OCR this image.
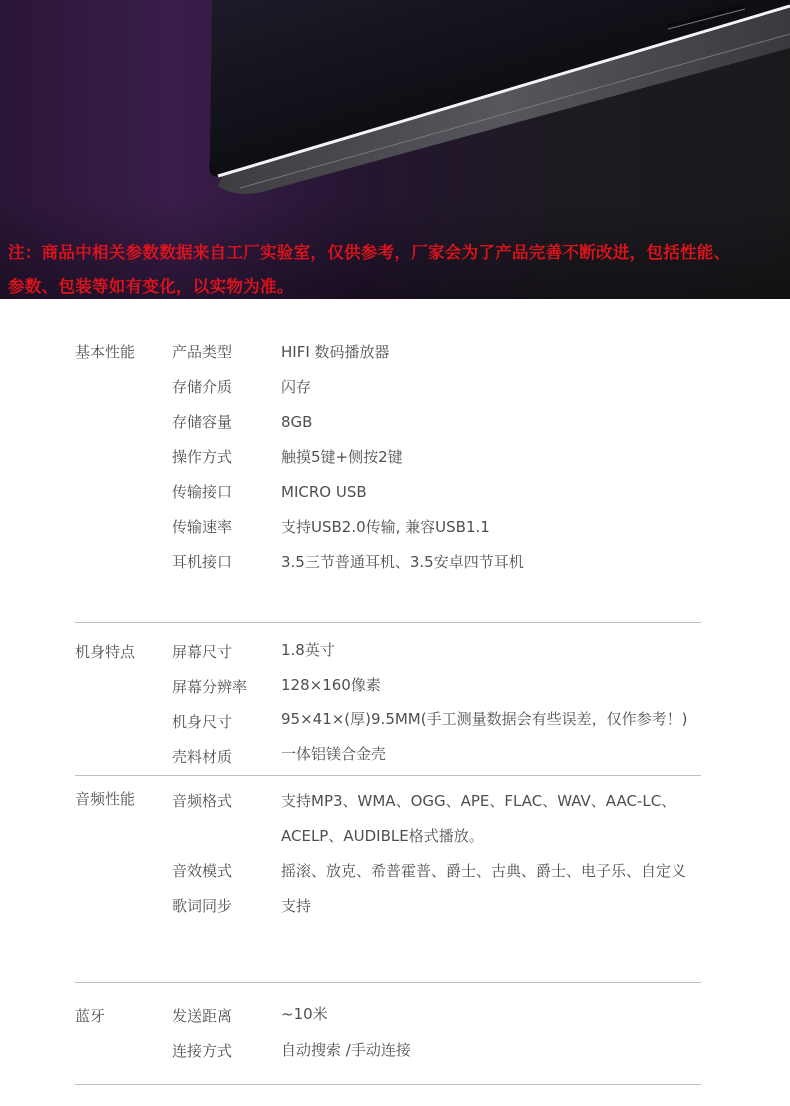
注：商品中相关参数数据来自工厂实验室，仅供参考，厂家会为了产品完善不断改进，包括性能、
参数、包装等如有变化，以实物为准。
基本性能 产品类型	HIFI 数码播放器
存储介质	闪存
存储容量	8GB
操作方式	触摸5键+侧按2键
传输接口	MICRO USB
传输速率	支持USB2.0传输, 兼容USB1.1
耳机接口	3.5三节普通耳机、3.5安卓四节耳机
机身特点 屏幕尺寸	1.8英寸
屏幕分辨率 128×160像素
机身尺寸	95×41×(厚)9.5MM(手工测量数据会有些误差，仅作参考！)
壳料材质	一体铝镁合金壳
音频性能 音频格式	支持MP3、WMA、OGG、APE、FLAC、WAV、AAC-LC、
ACELP、AUDIBLE格式播放。
音效模式	摇滚、放克、希普霍普、爵士、古典、爵士、电子乐、自定义
歌词同步	支持
蓝牙	发送距离	~10米
连接方式	自动搜索 /手动连接
